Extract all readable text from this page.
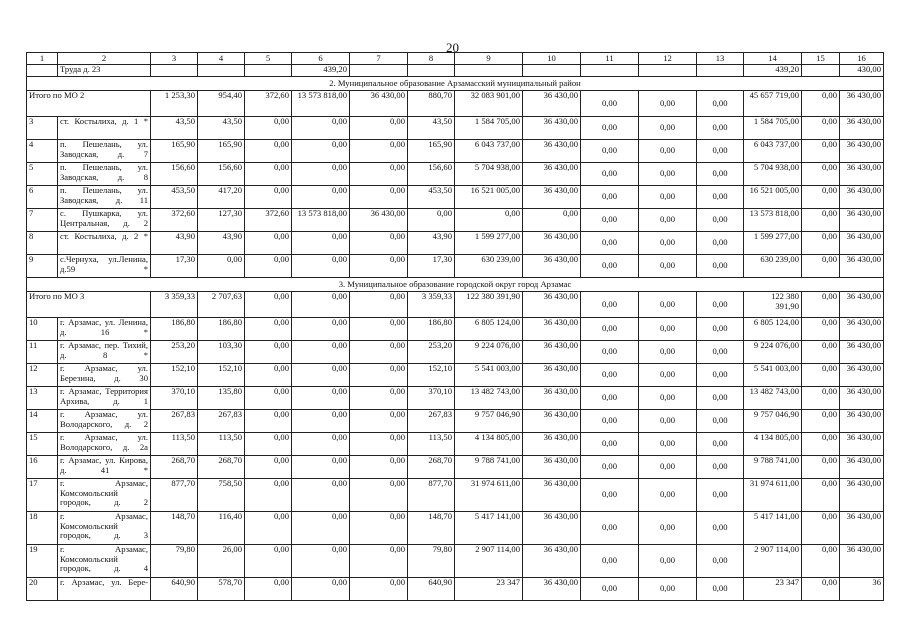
20
1	2	3	4	5	6	7	8	9	10	11	12	13	14	15	16
	Труда д. 23				439,20								439,20		430,00
2. Муниципальное образование Арзамасский муниципальный район															
Итого по МО 2		1 253,30	954,40	372,60	13 573 818,00	36 430,00	880,70	32 083 901,00	36 430,00	0,00	0,00	0,00	45 657 719,00	0,00	36 430,00
3	ст. Костылиха, д. 1 *	43,50	43,50	0,00	0,00	0,00	43,50	1 584 705,00	36 430,00	0,00	0,00	0,00	1 584 705,00	0,00	36 430,00
4	п. Пешелань, ул. Заводская, д. 7	165,90	165,90	0,00	0,00	0,00	165,90	6 043 737,00	36 430,00	0,00	0,00	0,00	6 043 737,00	0,00	36 430,00
5	п. Пешелань, ул. Заводская, д. 8	156,60	156,60	0,00	0,00	0,00	156,60	5 704 938,00	36 430,00	0,00	0,00	0,00	5 704 938,00	0,00	36 430,00
6	п. Пешелань, ул. Заводская, д. 11	453,50	417,20	0,00	0,00	0,00	453,50	16 521 005,00	36 430,00	0,00	0,00	0,00	16 521 005,00	0,00	36 430,00
7	с. Пушкарка, ул. Центральная, д. 2	372,60	127,30	372,60	13 573 818,00	36 430,00	0,00	0,00	0,00	0,00	0,00	0,00	13 573 818,00	0,00	36 430,00
8	ст. Костылиха, д. 2 *	43,90	43,90	0,00	0,00	0,00	43,90	1 599 277,00	36 430,00	0,00	0,00	0,00	1 599 277,00	0,00	36 430,00
9	с.Чернуха, ул.Ленина, д.59 *	17,30	0,00	0,00	0,00	0,00	17,30	630 239,00	36 430,00	0,00	0,00	0,00	630 239,00	0,00	36 430,00
3. Муниципальное образование городской округ город Арзамас															
Итого по МО 3		3 359,33	2 707,63	0,00	0,00	0,00	3 359,33	122 380 391,90	36 430,00	0,00	0,00	0,00	122 380 391,90	0,00	36 430,00
10	г. Арзамас, ул. Ленина, д. 16 *	186,80	186,80	0,00	0,00	0,00	186,80	6 805 124,00	36 430,00	0,00	0,00	0,00	6 805 124,00	0,00	36 430,00
11	г. Арзамас, пер. Тихий, д. 8 *	253,20	103,30	0,00	0,00	0,00	253,20	9 224 076,00	36 430,00	0,00	0,00	0,00	9 224 076,00	0,00	36 430,00
12	г. Арзамас, ул. Березина, д. 30	152,10	152,10	0,00	0,00	0,00	152,10	5 541 003,00	36 430,00	0,00	0,00	0,00	5 541 003,00	0,00	36 430,00
13	г. Арзамас, Территория Архива, д. 1	370,10	135,80	0,00	0,00	0,00	370,10	13 482 743,00	36 430,00	0,00	0,00	0,00	13 482 743,00	0,00	36 430,00
14	г. Арзамас, ул. Володарского, д. 2	267,83	267,83	0,00	0,00	0,00	267,83	9 757 046,90	36 430,00	0,00	0,00	0,00	9 757 046,90	0,00	36 430,00
15	г. Арзамас, ул. Володарского, д. 2а	113,50	113,50	0,00	0,00	0,00	113,50	4 134 805,00	36 430,00	0,00	0,00	0,00	4 134 805,00	0,00	36 430,00
16	г. Арзамас, ул. Кирова, д. 41 *	268,70	268,70	0,00	0,00	0,00	268,70	9 788 741,00	36 430,00	0,00	0,00	0,00	9 788 741,00	0,00	36 430,00
17	г. Арзамас, Комсомольский городок, д. 2	877,70	758,50	0,00	0,00	0,00	877,70	31 974 611,00	36 430,00	0,00	0,00	0,00	31 974 611,00	0,00	36 430,00
18	г. Арзамас, Комсомольский городок, д. 3	148,70	116,40	0,00	0,00	0,00	148,70	5 417 141,00	36 430,00	0,00	0,00	0,00	5 417 141,00	0,00	36 430,00
19	г. Арзамас, Комсомольский городок, д. 4	79,80	26,00	0,00	0,00	0,00	79,80	2 907 114,00	36 430,00	0,00	0,00	0,00	2 907 114,00	0,00	36 430,00
20	г. Арзамас, ул. Бере-	640,90	578,70	0,00	0,00	0,00	640,90	23 347	36 430,00	0,00	0,00	0,00	23 347	0,00	36
